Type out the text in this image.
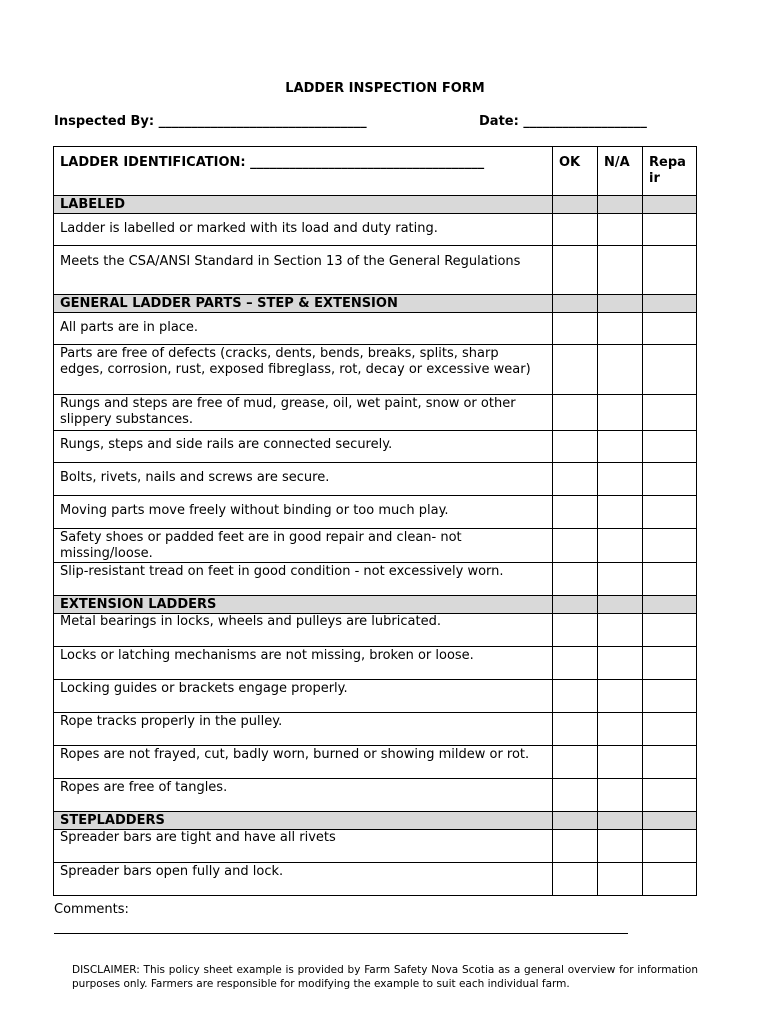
LADDER INSPECTION FORM
Inspected By: ________________________________	Date: ___________________
LADDER IDENTIFICATION: ____________________________________	OK	N/A	Repa ir
LABELED			
Ladder is labelled or marked with its load and duty rating.			
Meets the CSA/ANSI Standard in Section 13 of the General Regulations			
GENERAL LADDER PARTS – STEP & EXTENSION			
All parts are in place.			
Parts are free of defects (cracks, dents, bends, breaks, splits, sharp edges, corrosion, rust, exposed fibreglass, rot, decay or excessive wear)			
Rungs and steps are free of mud, grease, oil, wet paint, snow or other slippery substances.			
Rungs, steps and side rails are connected securely.			
Bolts, rivets, nails and screws are secure.			
Moving parts move freely without binding or too much play.			
Safety shoes or padded feet are in good repair and clean- not missing/loose.			
Slip-resistant tread on feet in good condition - not excessively worn.			
EXTENSION LADDERS			
Metal bearings in locks, wheels and pulleys are lubricated.			
Locks or latching mechanisms are not missing, broken or loose.			
Locking guides or brackets engage properly.			
Rope tracks properly in the pulley.			
Ropes are not frayed, cut, badly worn, burned or showing mildew or rot.			
Ropes are free of tangles.			
STEPLADDERS			
Spreader bars are tight and have all rivets			
Spreader bars open fully and lock.			
Comments:
DISCLAIMER: This policy sheet example is provided by Farm Safety Nova Scotia as a general overview for information purposes only. Farmers are responsible for modifying the example to suit each individual farm.
